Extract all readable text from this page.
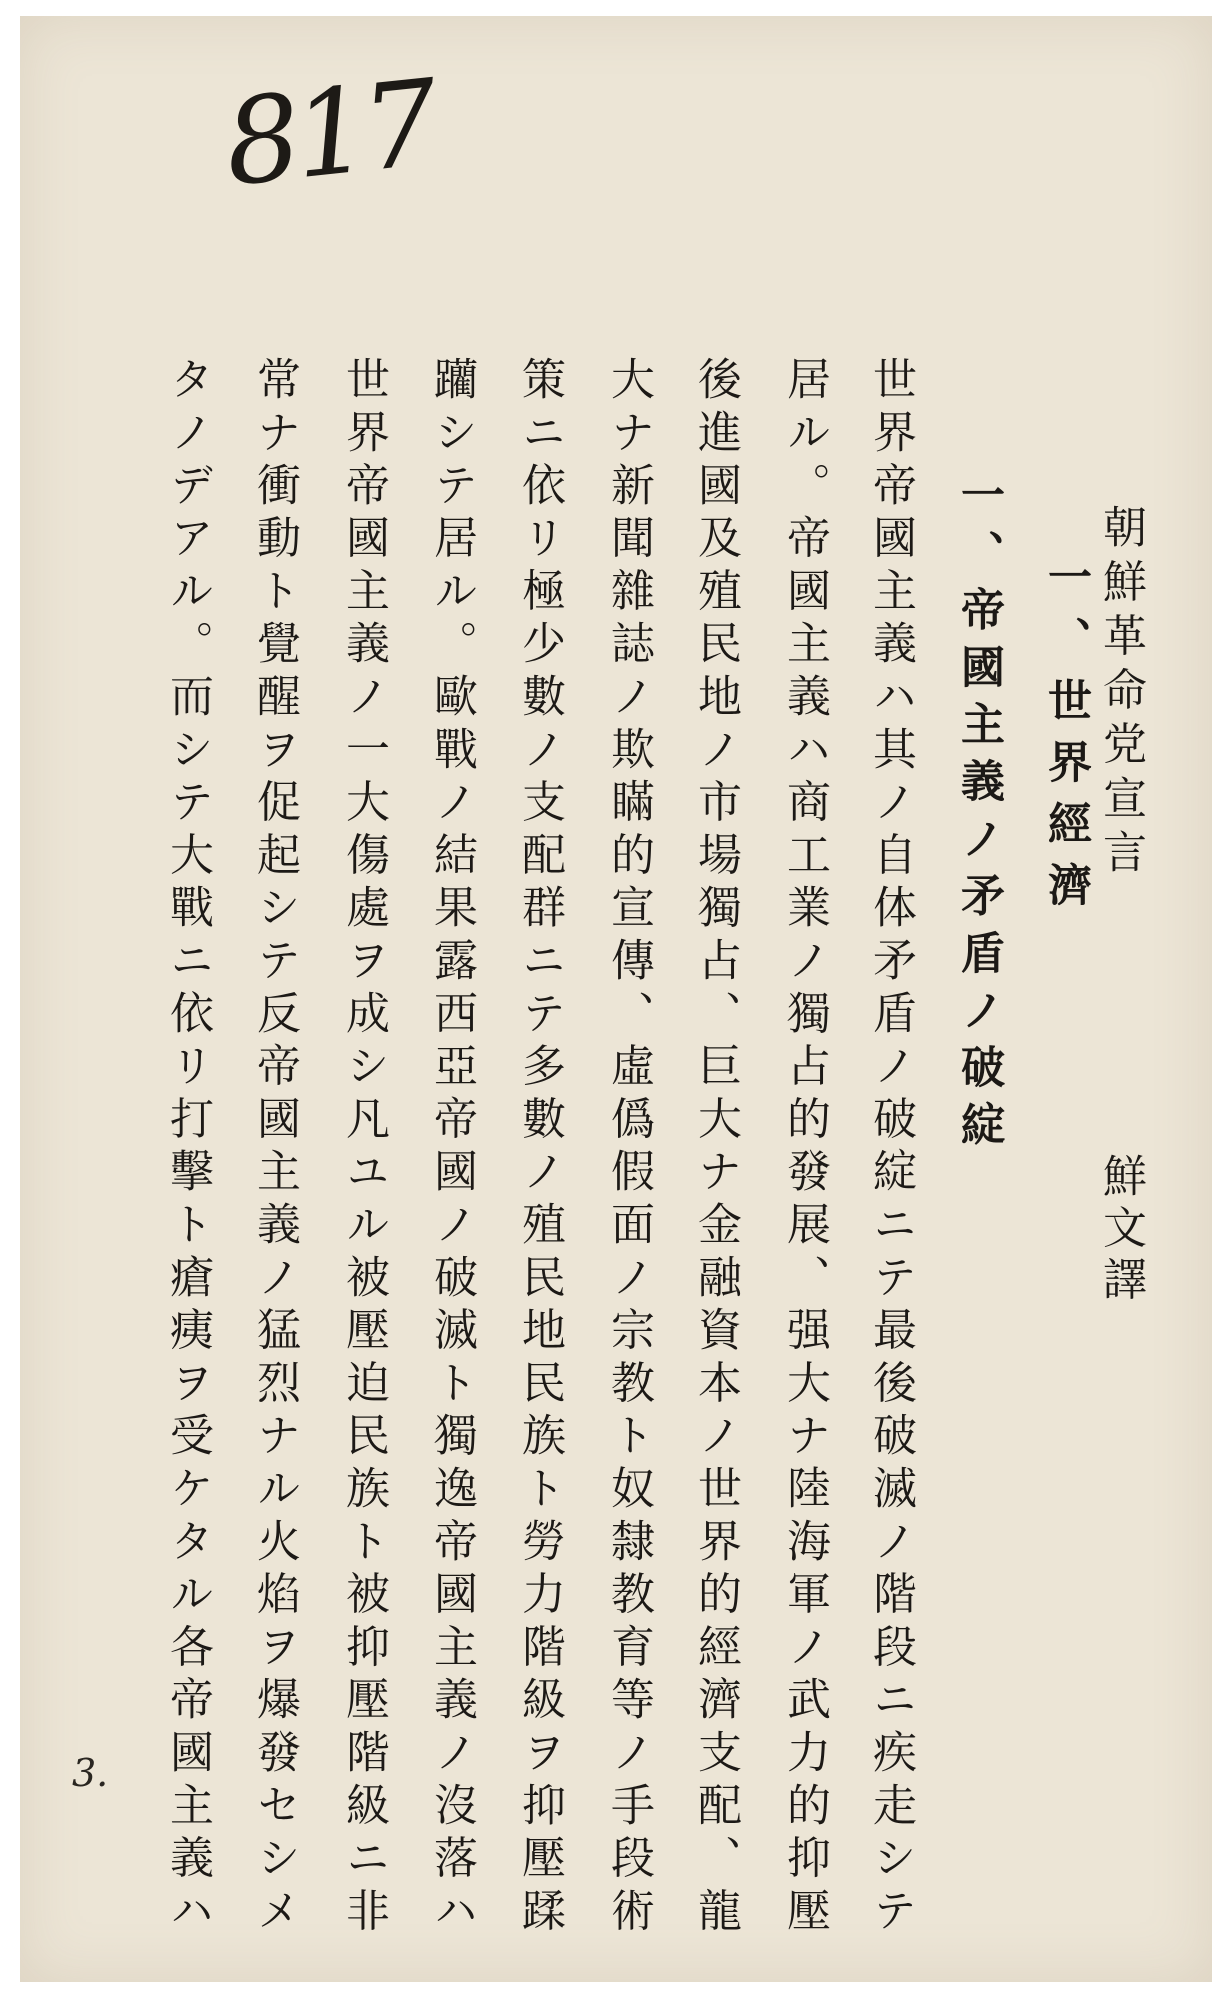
817
朝鮮革命党宣言
鮮文譯
一、世界經濟
一、帝國主義ノ矛盾ノ破綻
世界帝國主義ハ其ノ自体矛盾ノ破綻ニテ最後破滅ノ階段ニ疾走シテ
居ル。帝國主義ハ商工業ノ獨占的發展、强大ナ陸海軍ノ武力的抑壓
後進國及殖民地ノ市場獨占、巨大ナ金融資本ノ世界的經濟支配、龍
大ナ新聞雜誌ノ欺瞞的宣傳、虛僞假面ノ宗教ト奴隸教育等ノ手段術
策ニ依リ極少數ノ支配群ニテ多數ノ殖民地民族ト勞力階級ヲ抑壓蹂
躪シテ居ル。歐戰ノ結果露西亞帝國ノ破滅ト獨逸帝國主義ノ沒落ハ
世界帝國主義ノ一大傷處ヲ成シ凡ユル被壓迫民族ト被抑壓階級ニ非
常ナ衝動ト覺醒ヲ促起シテ反帝國主義ノ猛烈ナル火焰ヲ爆發セシメ
タノデアル。而シテ大戰ニ依リ打擊ト瘡痍ヲ受ケタル各帝國主義ハ
3.
